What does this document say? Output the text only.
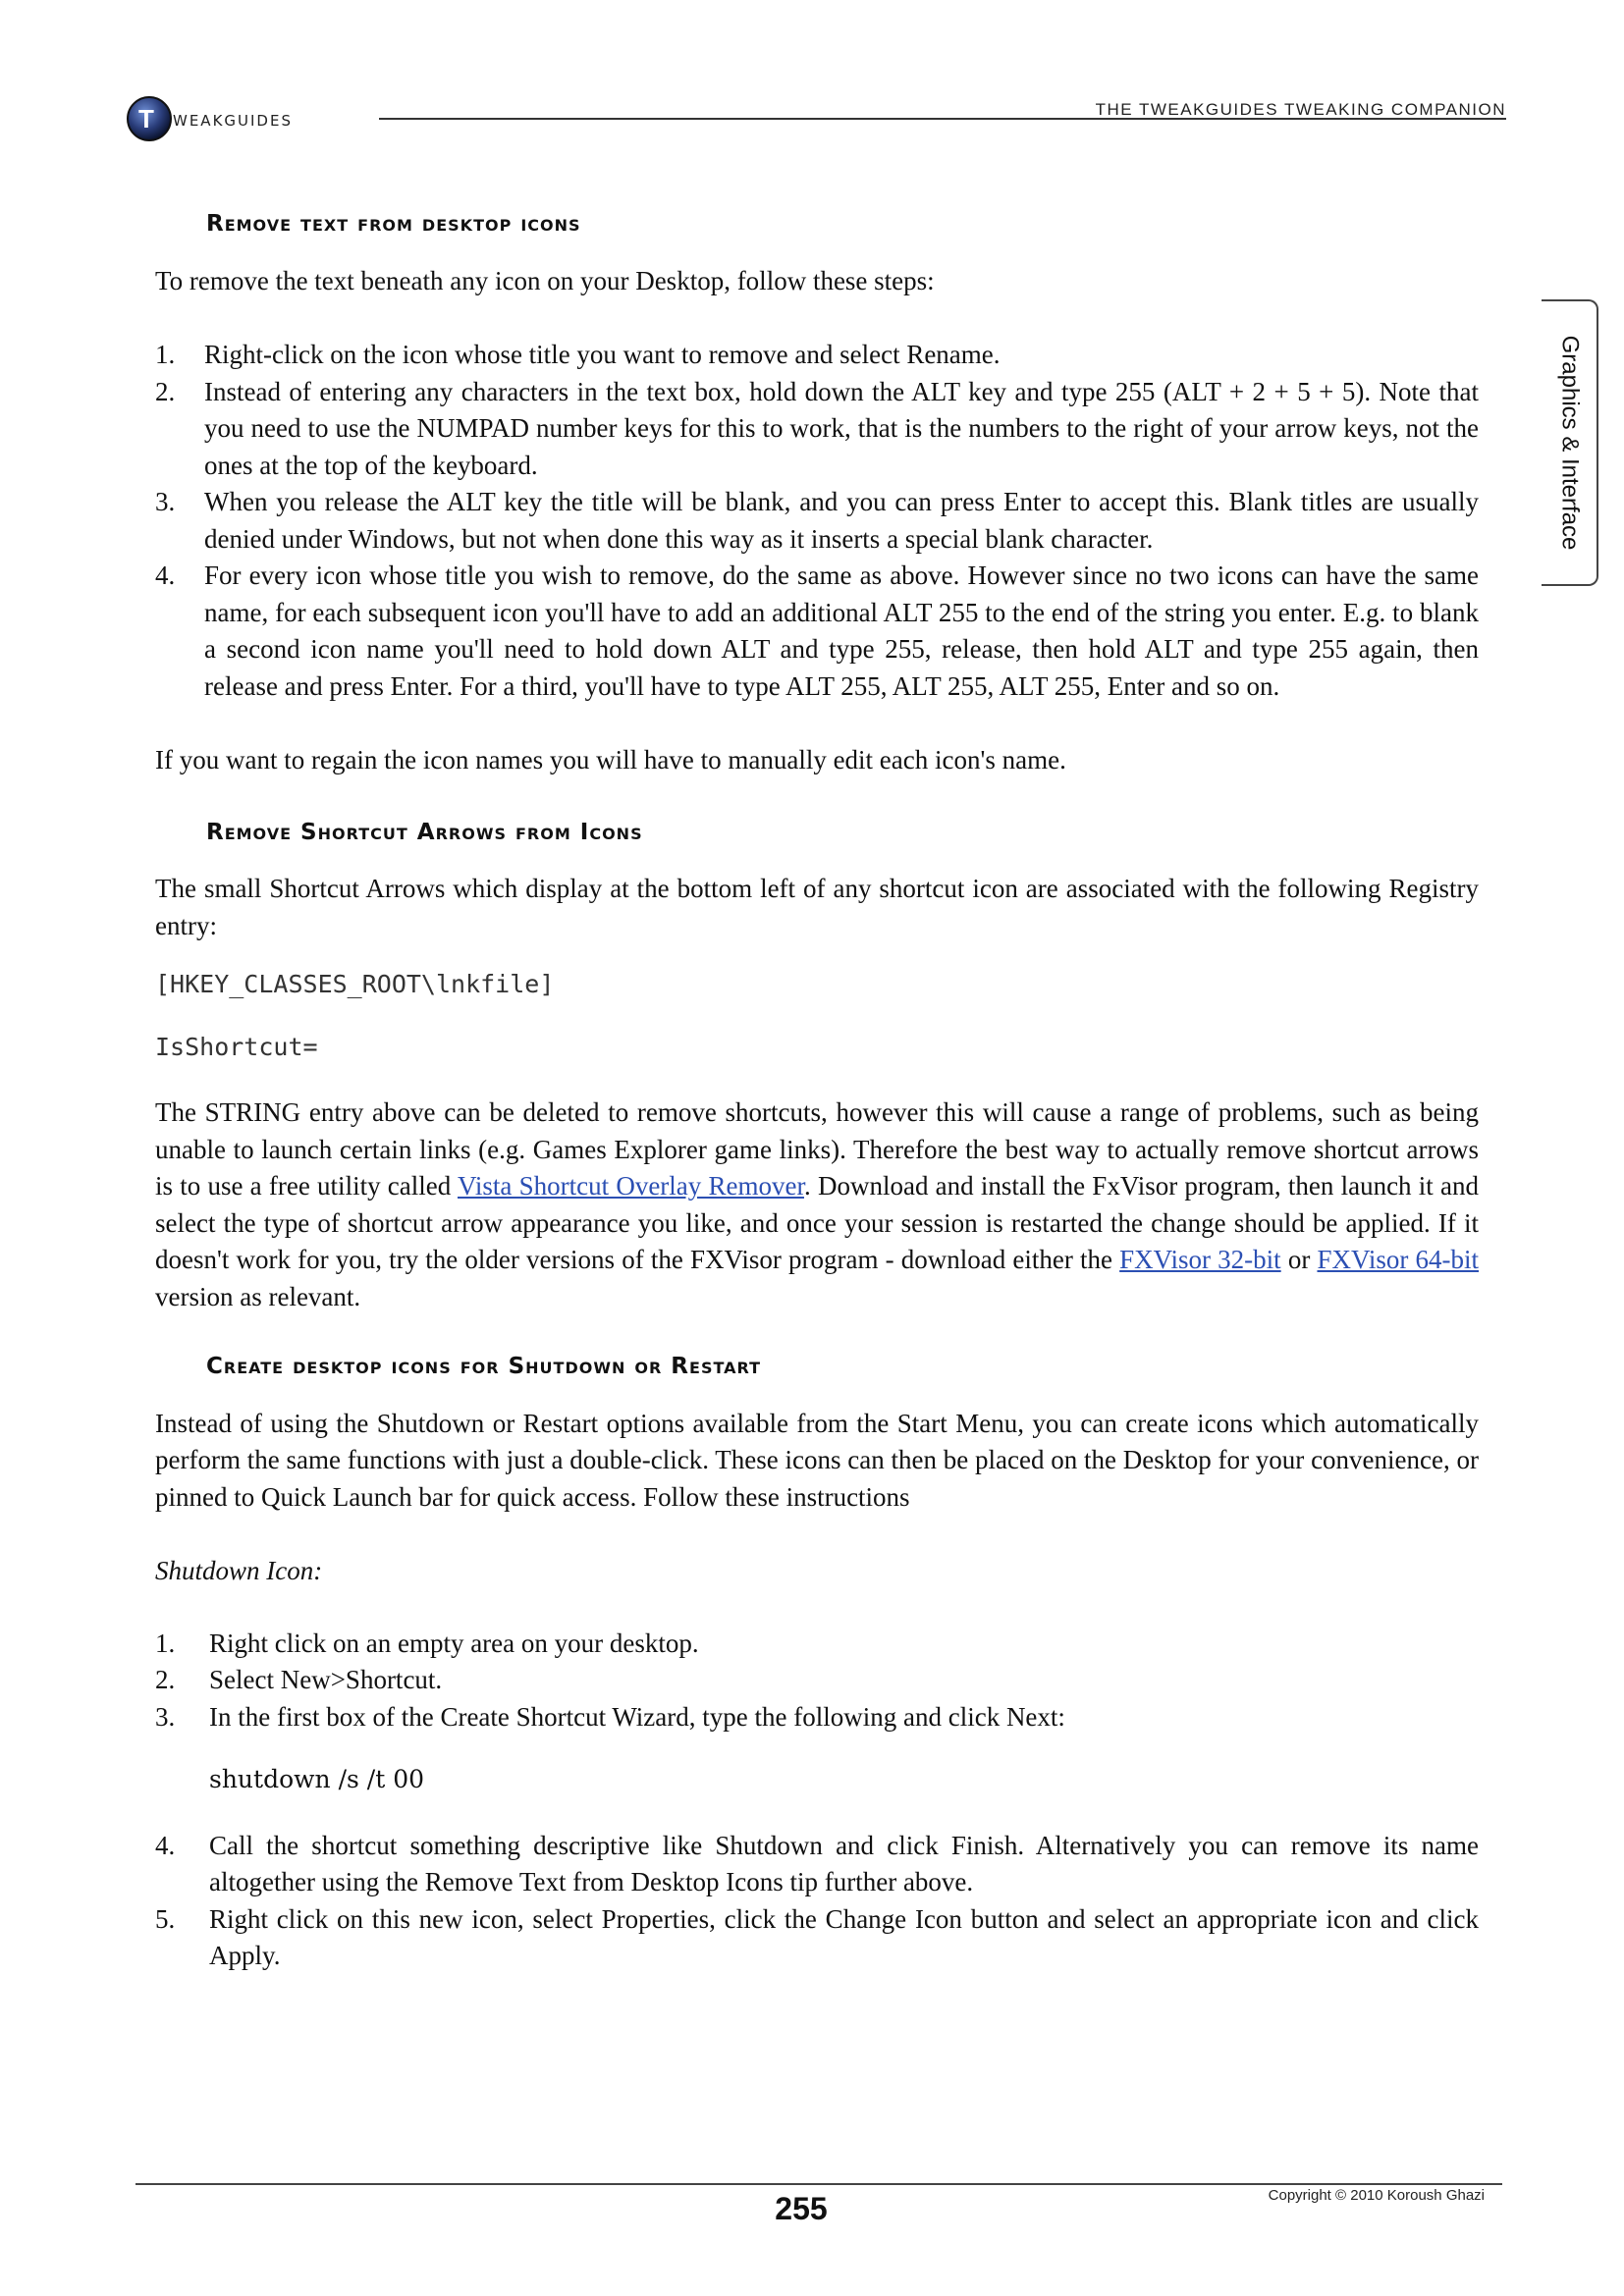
T WEAKGUIDES
THE TWEAKGUIDES TWEAKING COMPANION
Graphics & Interface
Remove text from desktop icons

To remove the text beneath any icon on your Desktop, follow these steps:

1. Right-click on the icon whose title you want to remove and select Rename.
2. Instead of entering any characters in the text box, hold down the ALT key and type 255 (ALT + 2 + 5 + 5). Note that you need to use the NUMPAD number keys for this to work, that is the numbers to the right of your arrow keys, not the ones at the top of the keyboard.
3. When you release the ALT key the title will be blank, and you can press Enter to accept this. Blank titles are usually denied under Windows, but not when done this way as it inserts a special blank character.
4. For every icon whose title you wish to remove, do the same as above. However since no two icons can have the same name, for each subsequent icon you'll have to add an additional ALT 255 to the end of the string you enter. E.g. to blank a second icon name you'll need to hold down ALT and type 255, release, then hold ALT and type 255 again, then release and press Enter. For a third, you'll have to type ALT 255, ALT 255, ALT 255, Enter and so on.

If you want to regain the icon names you will have to manually edit each icon's name.

Remove Shortcut Arrows from Icons

The small Shortcut Arrows which display at the bottom left of any shortcut icon are associated with the following Registry entry:

[HKEY_CLASSES_ROOT\lnkfile]

IsShortcut=

The STRING entry above can be deleted to remove shortcuts, however this will cause a range of problems, such as being unable to launch certain links (e.g. Games Explorer game links). Therefore the best way to actually remove shortcut arrows is to use a free utility called Vista Shortcut Overlay Remover. Download and install the FxVisor program, then launch it and select the type of shortcut arrow appearance you like, and once your session is restarted the change should be applied. If it doesn't work for you, try the older versions of the FXVisor program - download either the FXVisor 32-bit or FXVisor 64-bit version as relevant.

Create desktop icons for Shutdown or Restart

Instead of using the Shutdown or Restart options available from the Start Menu, you can create icons which automatically perform the same functions with just a double-click. These icons can then be placed on the Desktop for your convenience, or pinned to Quick Launch bar for quick access. Follow these instructions

Shutdown Icon:

1. Right click on an empty area on your desktop.
2. Select New>Shortcut.
3. In the first box of the Create Shortcut Wizard, type the following and click Next:

shutdown /s /t 00

4. Call the shortcut something descriptive like Shutdown and click Finish. Alternatively you can remove its name altogether using the Remove Text from Desktop Icons tip further above.
5. Right click on this new icon, select Properties, click the Change Icon button and select an appropriate icon and click Apply.
255	Copyright © 2010 Koroush Ghazi
